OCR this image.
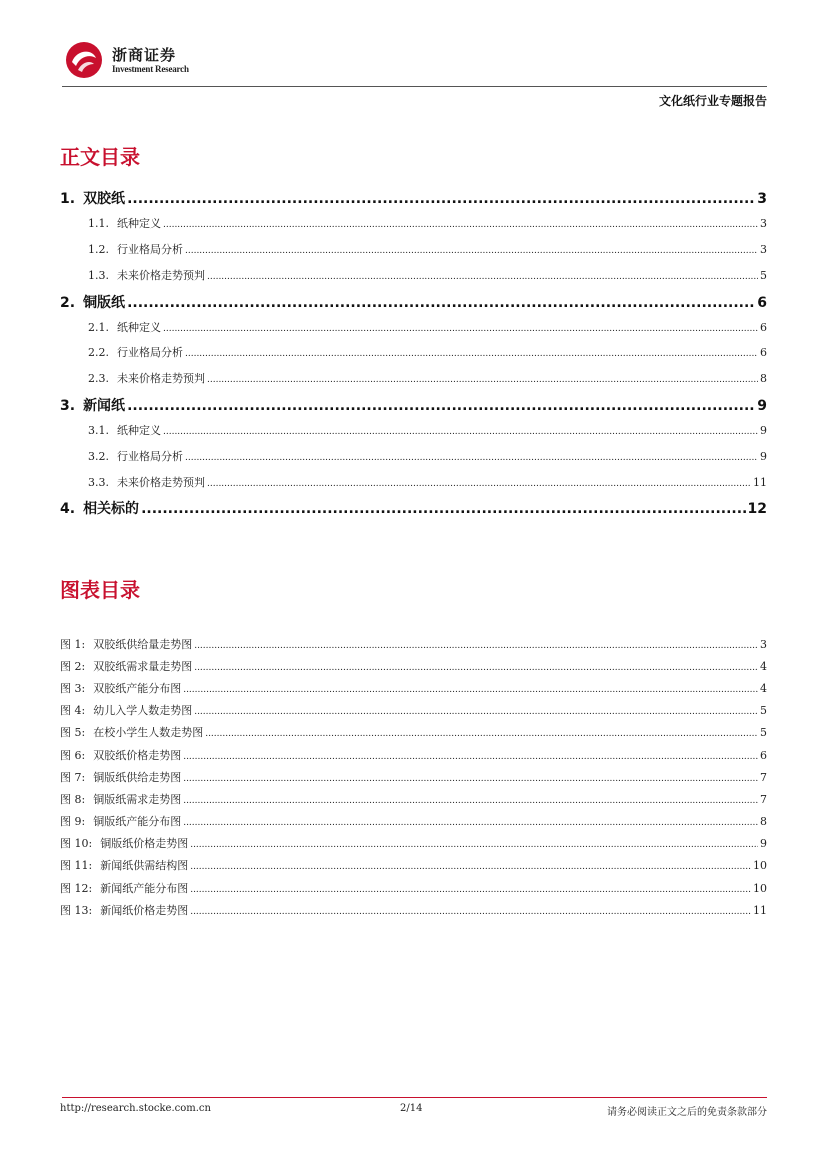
浙商证券
Investment Research
文化纸行业专题报告
正文目录
1. 双胶纸 .....	3
1.1. 纸种定义 .....	3
1.2. 行业格局分析 .....	3
1.3. 未来价格走势预判 .....	5
2. 铜版纸 .....	6
2.1. 纸种定义 .....	6
2.2. 行业格局分析 .....	6
2.3. 未来价格走势预判 .....	8
3. 新闻纸 .....	9
3.1. 纸种定义 .....	9
3.2. 行业格局分析 .....	9
3.3. 未来价格走势预判 .....	11
4. 相关标的 .....	12
图表目录
图 1: 双胶纸供给量走势图 .....	3
图 2: 双胶纸需求量走势图 .....	4
图 3: 双胶纸产能分布图 .....	4
图 4: 幼儿入学人数走势图 .....	5
图 5: 在校小学生人数走势图 .....	5
图 6: 双胶纸价格走势图 .....	6
图 7: 铜版纸供给走势图 .....	7
图 8: 铜版纸需求走势图 .....	7
图 9: 铜版纸产能分布图 .....	8
图 10: 铜版纸价格走势图 .....	9
图 11: 新闻纸供需结构图 .....	10
图 12: 新闻纸产能分布图 .....	10
图 13: 新闻纸价格走势图 .....	11
http://research.stocke.com.cn	2/14	请务必阅读正文之后的免责条款部分
